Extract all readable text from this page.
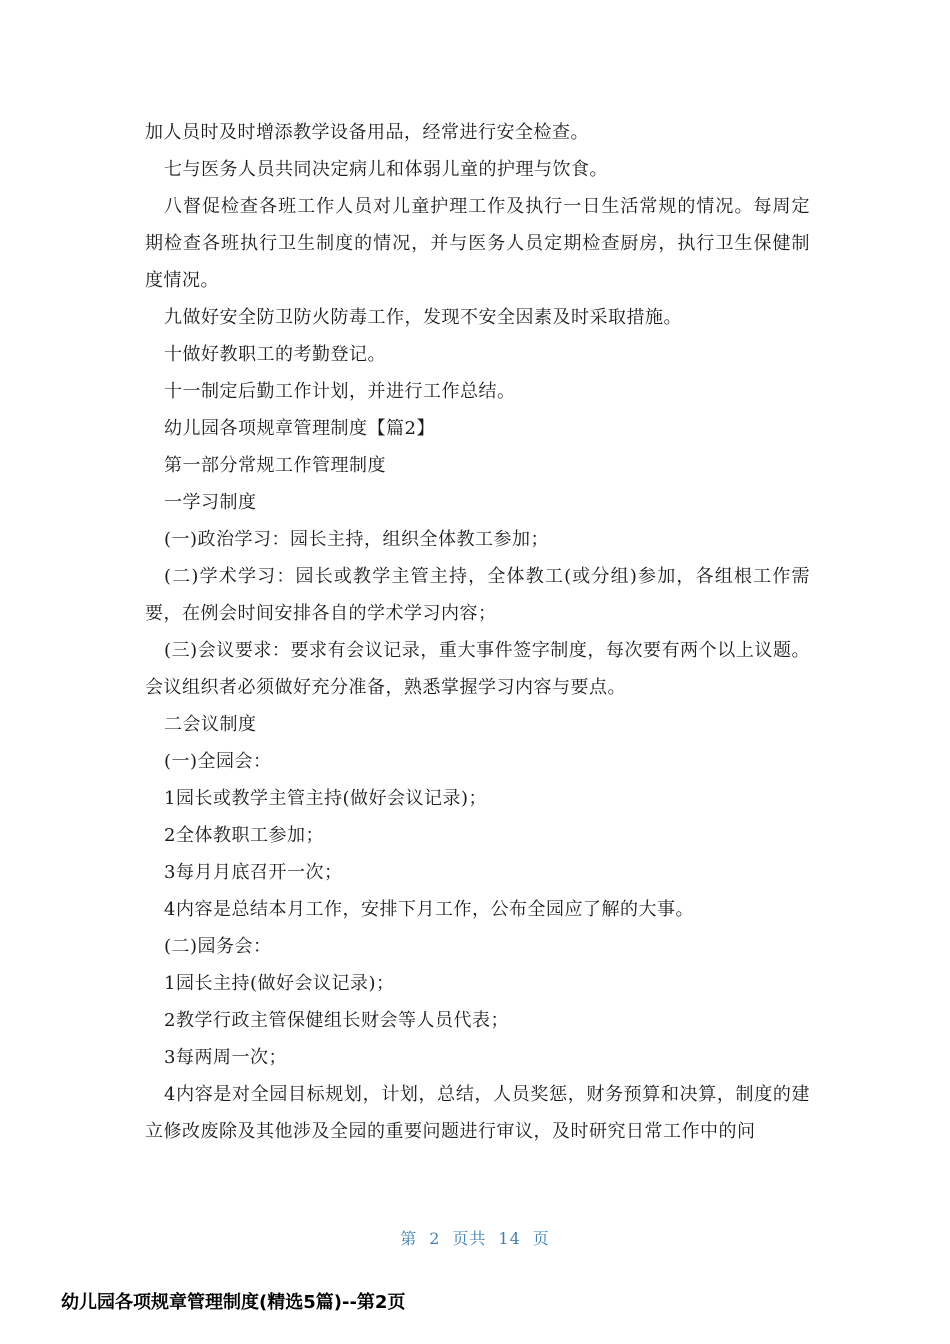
加人员时及时增添教学设备用品，经常进行安全检查。

七与医务人员共同决定病儿和体弱儿童的护理与饮食。

八督促检查各班工作人员对儿童护理工作及执行一日生活常规的情况。每周定期检查各班执行卫生制度的情况，并与医务人员定期检查厨房，执行卫生保健制度情况。

九做好安全防卫防火防毒工作，发现不安全因素及时采取措施。

十做好教职工的考勤登记。

十一制定后勤工作计划，并进行工作总结。

幼儿园各项规章管理制度【篇2】

第一部分常规工作管理制度

一学习制度

(一)政治学习：园长主持，组织全体教工参加；

(二)学术学习：园长或教学主管主持，全体教工(或分组)参加，各组根工作需要，在例会时间安排各自的学术学习内容；

(三)会议要求：要求有会议记录，重大事件签字制度，每次要有两个以上议题。会议组织者必须做好充分准备，熟悉掌握学习内容与要点。

二会议制度

(一)全园会：

1园长或教学主管主持(做好会议记录)；

2全体教职工参加；

3每月月底召开一次；

4内容是总结本月工作，安排下月工作，公布全园应了解的大事。

(二)园务会：

1园长主持(做好会议记录)；

2教学行政主管保健组长财会等人员代表；

3每两周一次；

4内容是对全园目标规划，计划，总结，人员奖惩，财务预算和决算，制度的建立修改废除及其他涉及全园的重要问题进行审议，及时研究日常工作中的问

第 2 页共 14 页
幼儿园各项规章管理制度(精选5篇)--第2页
